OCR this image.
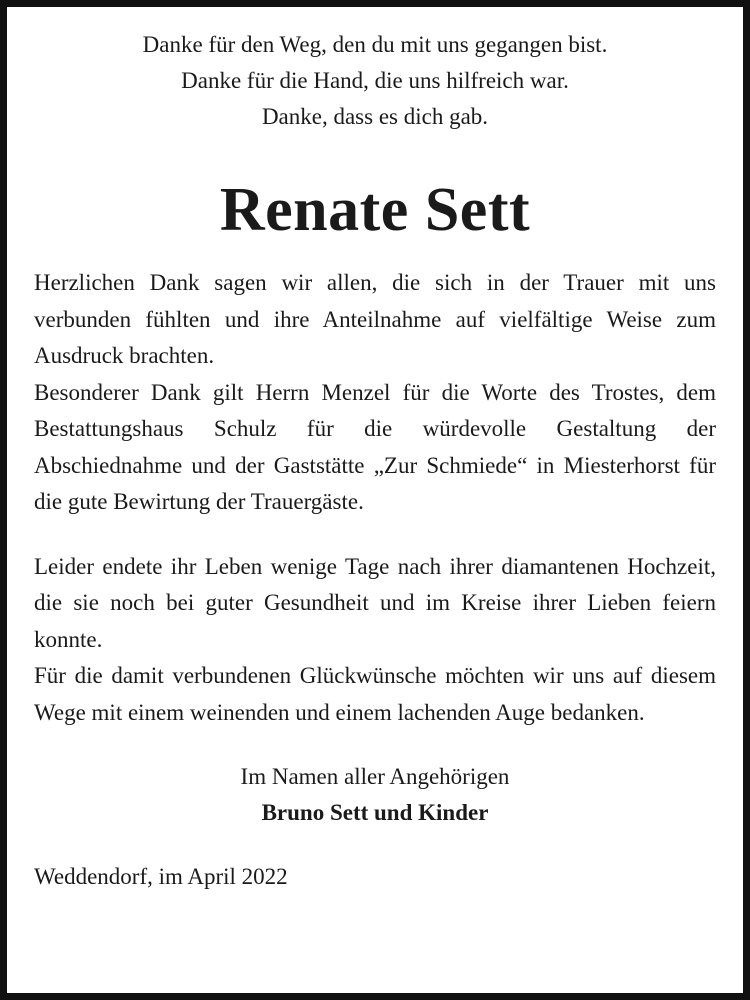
Danke für den Weg, den du mit uns gegangen bist.
Danke für die Hand, die uns hilfreich war.
Danke, dass es dich gab.
Renate Sett

Herzlichen Dank sagen wir allen, die sich in der Trauer mit uns verbunden fühlten und ihre Anteilnahme auf vielfältige Weise zum Ausdruck brachten.

Besonderer Dank gilt Herrn Menzel für die Worte des Trostes, dem Bestattungshaus Schulz für die würdevolle Gestaltung der Abschiednahme und der Gaststätte „Zur Schmiede“ in Miesterhorst für die gute Bewirtung der Trauergäste.

Leider endete ihr Leben wenige Tage nach ihrer diamantenen Hochzeit, die sie noch bei guter Gesundheit und im Kreise ihrer Lieben feiern konnte.

Für die damit verbundenen Glückwünsche möchten wir uns auf diesem Wege mit einem weinenden und einem lachenden Auge bedanken.

Im Namen aller Angehörigen
Bruno Sett und Kinder
Weddendorf, im April 2022
